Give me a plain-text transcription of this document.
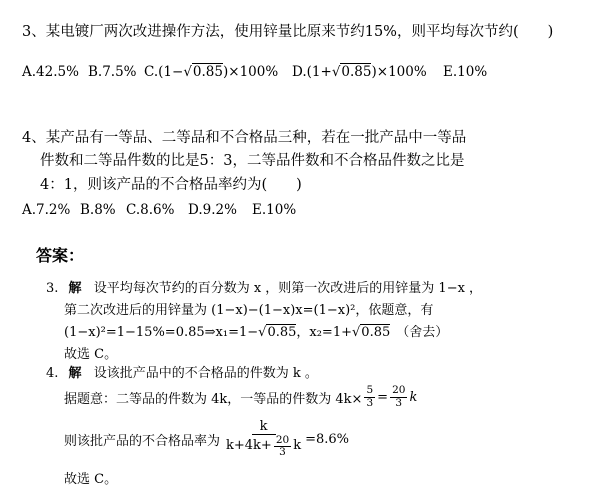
3、某电镀厂两次改进操作方法，使用锌量比原来节约15%，则平均每次节约(　　)
A.42.5% B.7.5% C.(1−√0.85)×100% D.(1+√0.85)×100% E.10%
4、某产品有一等品、二等品和不合格品三种，若在一批产品中一等品
件数和二等品件数的比是5：3，二等品件数和不合格品件数之比是
4：1，则该产品的不合格品率约为(　　)
A.7.2% B.8% C.8.6% D.9.2% E.10%
答案：
3. 解 设平均每次节约的百分数为 x ，则第一次改进后的用锌量为 1−x ，
第二次改进后的用锌量为 (1−x)−(1−x)x=(1−x)²，依题意，有
(1−x)²=1−15%=0.85⇒x₁=1−√0.85，x₂=1+√0.85 （舍去）
故选 C。
4. 解 设该批产品中的不合格品的件数为 k 。
据题意：二等品的件数为 4k，一等品的件数为 $4k\times \frac{5}{3} = \frac{20}{3}$ k
则该批产品的不合格品率为 $\frac{k}{k+4k+ \frac{20}{3} k} =8.6\%$
故选 C。
